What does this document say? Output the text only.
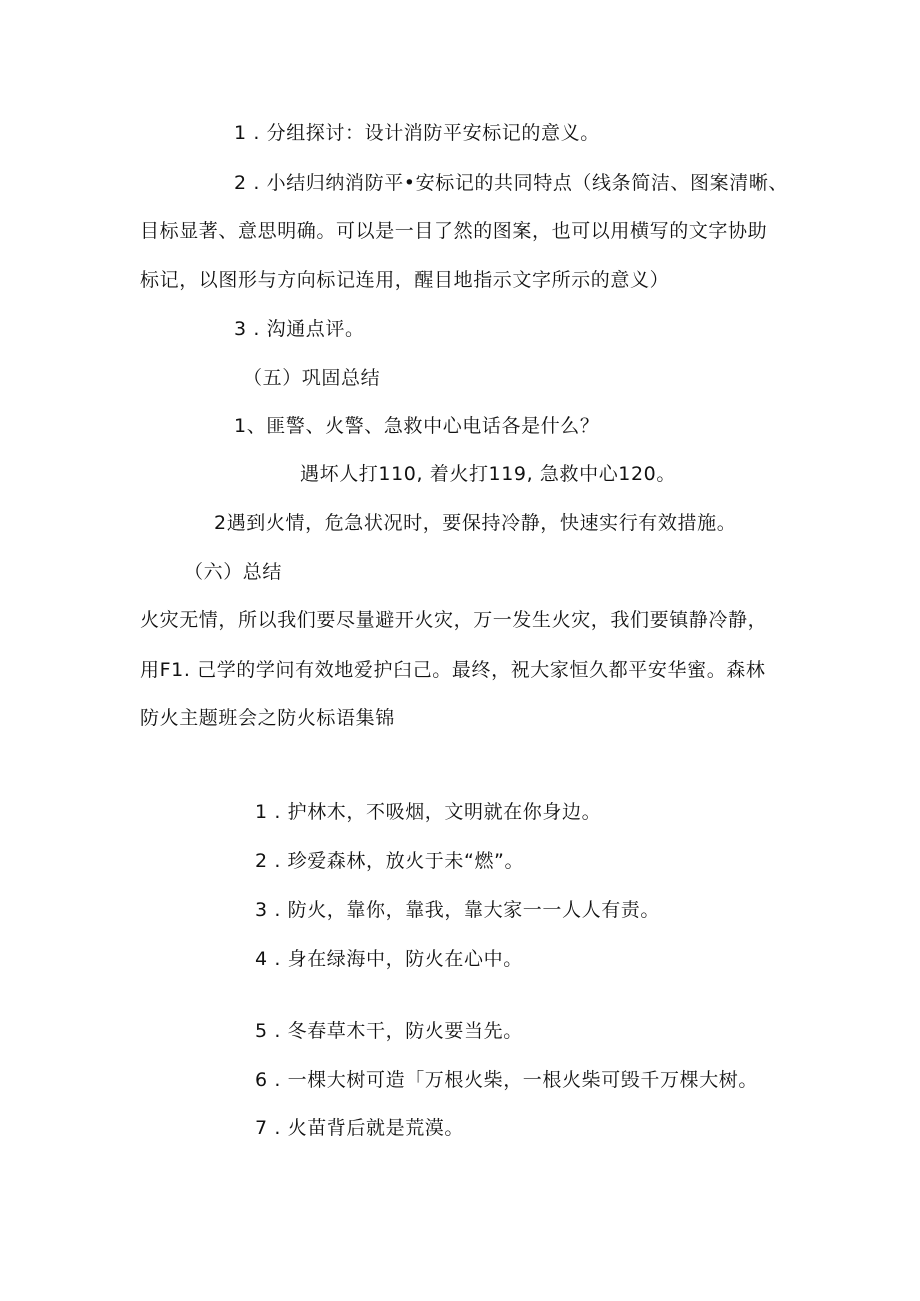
1 . 分组探讨：设计消防平安标记的意义。
2 . 小结归纳消防平•安标记的共同特点（线条简洁、图案清晰、
目标显著、意思明确。可以是一目了然的图案，也可以用横写的文字协助
标记，以图形与方向标记连用，醒目地指示文字所示的意义）
3 . 沟通点评。
（五）巩固总结
1、匪警、火警、急救中心电话各是什么？
遇坏人打110, 着火打119, 急救中心120。
2遇到火情，危急状况时，要保持冷静，快速实行有效措施。
（六）总结
火灾无情，所以我们要尽量避开火灾，万一发生火灾，我们要镇静冷静，
用F1. 己学的学问有效地爱护臼己。最终，祝大家恒久都平安华蜜。森林
防火主题班会之防火标语集锦
1 . 护林木，不吸烟，文明就在你身边。
2 . 珍爱森林，放火于未“燃”。
3 . 防火，靠你，靠我，靠大家一一人人有责。
4 . 身在绿海中，防火在心中。
5 . 冬春草木干，防火要当先。
6 . 一棵大树可造「万根火柴，一根火柴可毁千万棵大树。
7 . 火苗背后就是荒漠。
